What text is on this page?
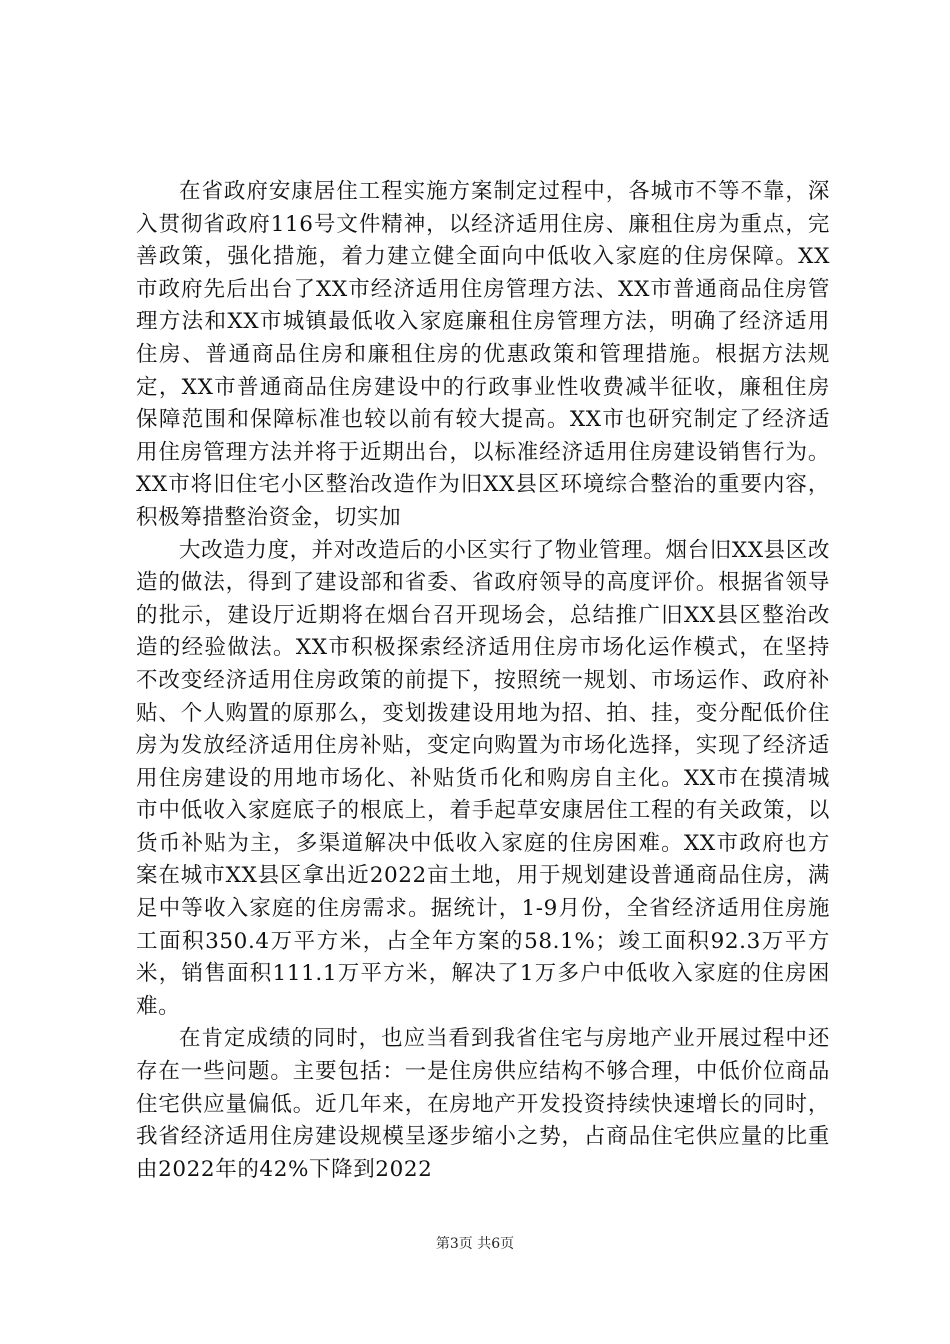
在省政府安康居住工程实施方案制定过程中，各城市不等不靠，深入贯彻省政府116号文件精神，以经济适用住房、廉租住房为重点，完善政策，强化措施，着力建立健全面向中低收入家庭的住房保障。XX市政府先后出台了XX市经济适用住房管理方法、XX市普通商品住房管理方法和XX市城镇最低收入家庭廉租住房管理方法，明确了经济适用住房、普通商品住房和廉租住房的优惠政策和管理措施。根据方法规定，XX市普通商品住房建设中的行政事业性收费减半征收，廉租住房保障范围和保障标准也较以前有较大提高。XX市也研究制定了经济适用住房管理方法并将于近期出台，以标准经济适用住房建设销售行为。XX市将旧住宅小区整治改造作为旧XX县区环境综合整治的重要内容，积极筹措整治资金，切实加

大改造力度，并对改造后的小区实行了物业管理。烟台旧XX县区改造的做法，得到了建设部和省委、省政府领导的高度评价。根据省领导的批示，建设厅近期将在烟台召开现场会，总结推广旧XX县区整治改造的经验做法。XX市积极探索经济适用住房市场化运作模式，在坚持不改变经济适用住房政策的前提下，按照统一规划、市场运作、政府补贴、个人购置的原那么，变划拨建设用地为招、拍、挂，变分配低价住房为发放经济适用住房补贴，变定向购置为市场化选择，实现了经济适用住房建设的用地市场化、补贴货币化和购房自主化。XX市在摸清城市中低收入家庭底子的根底上，着手起草安康居住工程的有关政策，以货币补贴为主，多渠道解决中低收入家庭的住房困难。XX市政府也方案在城市XX县区拿出近2022亩土地，用于规划建设普通商品住房，满足中等收入家庭的住房需求。据统计，1-9月份，全省经济适用住房施工面积350.4万平方米，占全年方案的58.1%；竣工面积92.3万平方米，销售面积111.1万平方米，解决了1万多户中低收入家庭的住房困难。

在肯定成绩的同时，也应当看到我省住宅与房地产业开展过程中还存在一些问题。主要包括：一是住房供应结构不够合理，中低价位商品住宅供应量偏低。近几年来，在房地产开发投资持续快速增长的同时，我省经济适用住房建设规模呈逐步缩小之势，占商品住宅供应量的比重由2022年的42%下降到2022

第3页 共6页
